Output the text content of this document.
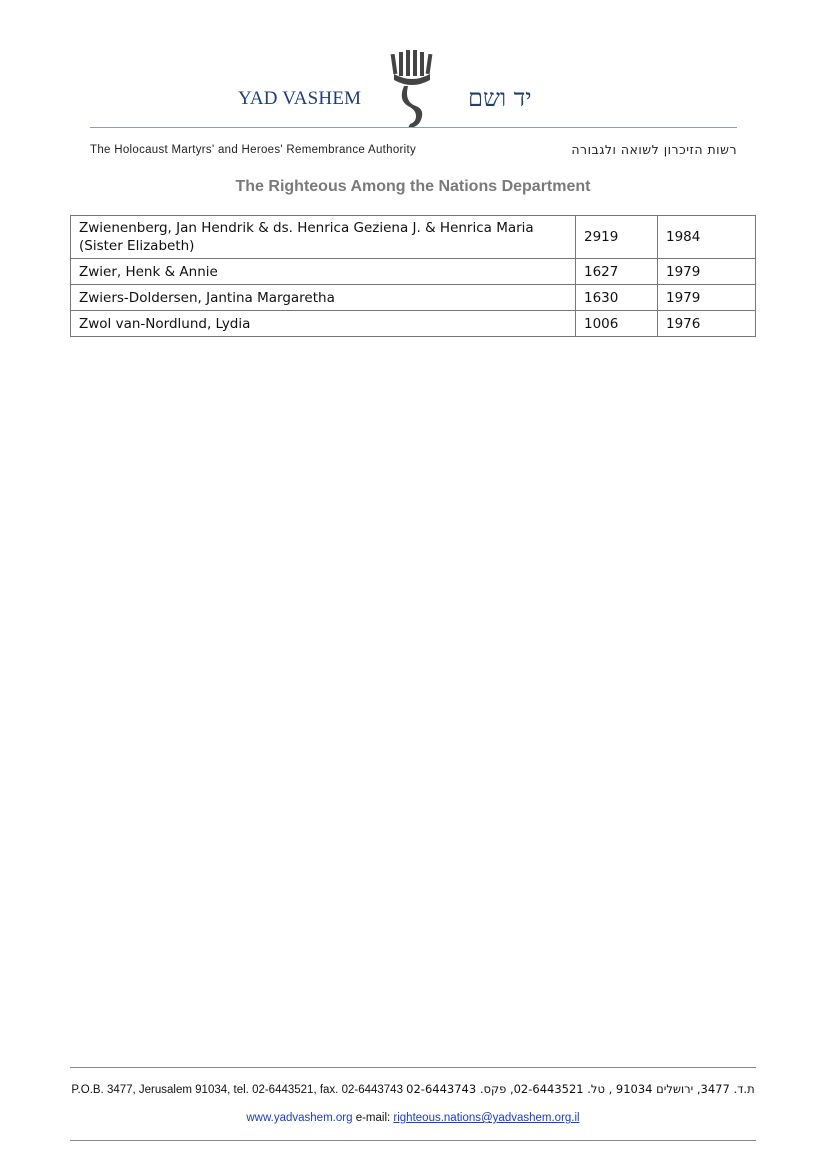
YAD VASHEM	יד ושם
The Holocaust Martyrs' and Heroes' Remembrance Authority	רשות הזיכרון לשואה ולגבורה
The Righteous Among the Nations Department
Zwienenberg, Jan Hendrik & ds. Henrica Geziena J. & Henrica Maria
(Sister Elizabeth)	2919	1984
Zwier, Henk & Annie	1627	1979
Zwiers-Doldersen, Jantina Margaretha	1630	1979
Zwol van-Nordlund, Lydia	1006	1976
P.O.B. 3477, Jerusalem 91034, tel. 02-6443521, fax. 02-6443743 ת.ד. 3477, ירושלים 91034 , טל. 02-6443521, פקס. 02-6443743
www.yadvashem.org e-mail: righteous.nations@yadvashem.org.il
